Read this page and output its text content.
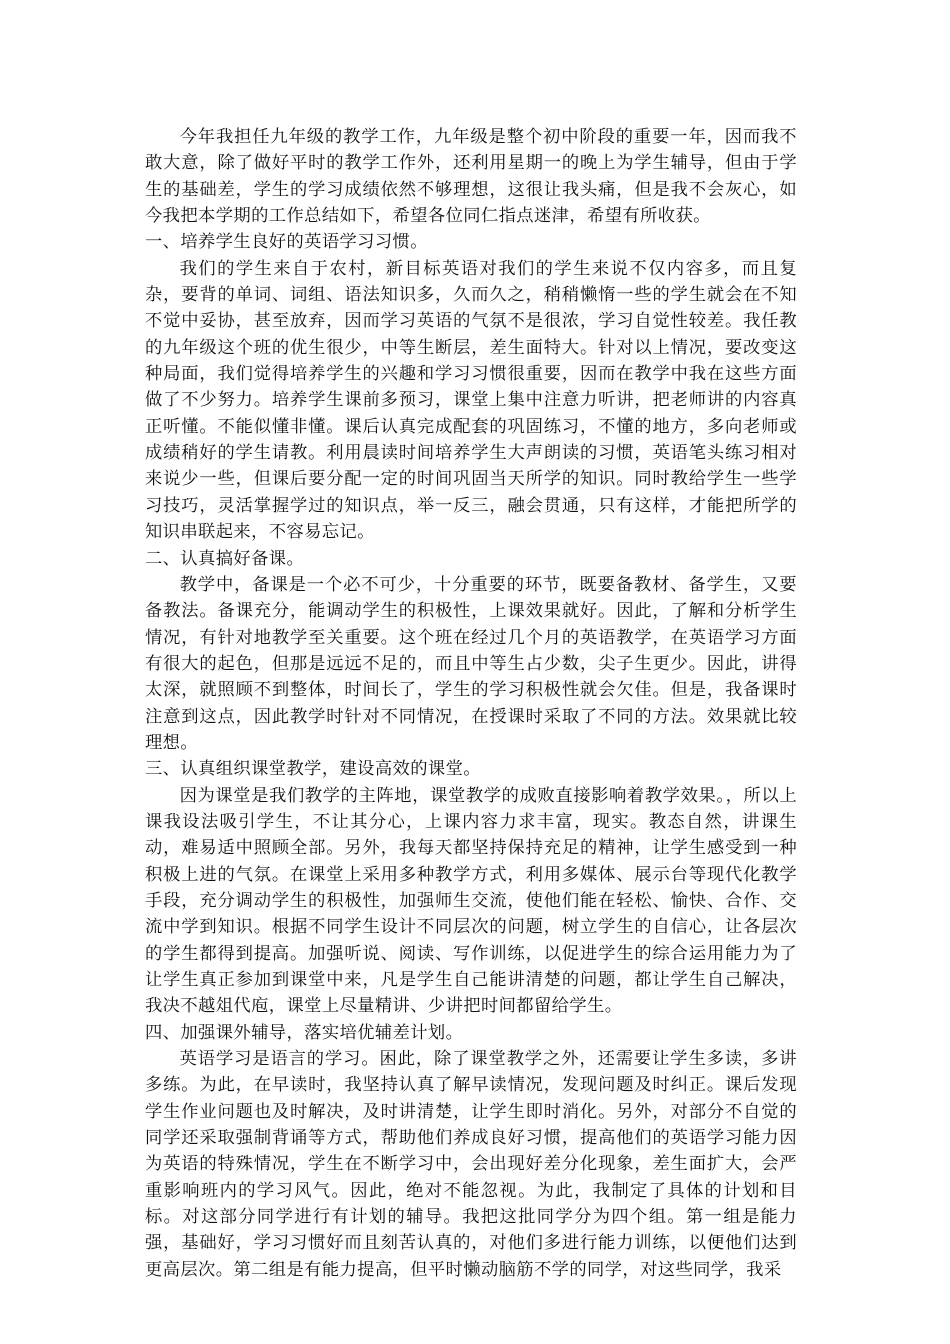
今年我担任九年级的教学工作，九年级是整个初中阶段的重要一年，因而我不敢大意，除了做好平时的教学工作外，还利用星期一的晚上为学生辅导，但由于学生的基础差，学生的学习成绩依然不够理想，这很让我头痛，但是我不会灰心，如今我把本学期的工作总结如下，希望各位同仁指点迷津，希望有所收获。

一、培养学生良好的英语学习习惯。

我们的学生来自于农村，新目标英语对我们的学生来说不仅内容多，而且复杂，要背的单词、词组、语法知识多，久而久之，稍稍懒惰一些的学生就会在不知不觉中妥协，甚至放弃，因而学习英语的气氛不是很浓，学习自觉性较差。我任教的九年级这个班的优生很少，中等生断层，差生面特大。针对以上情况，要改变这种局面，我们觉得培养学生的兴趣和学习习惯很重要，因而在教学中我在这些方面做了不少努力。培养学生课前多预习，课堂上集中注意力听讲，把老师讲的内容真正听懂。不能似懂非懂。课后认真完成配套的巩固练习，不懂的地方，多向老师或成绩稍好的学生请教。利用晨读时间培养学生大声朗读的习惯，英语笔头练习相对来说少一些，但课后要分配一定的时间巩固当天所学的知识。同时教给学生一些学习技巧，灵活掌握学过的知识点，举一反三，融会贯通，只有这样，才能把所学的知识串联起来，不容易忘记。

二、认真搞好备课。

教学中，备课是一个必不可少，十分重要的环节，既要备教材、备学生，又要备教法。备课充分，能调动学生的积极性，上课效果就好。因此，了解和分析学生情况，有针对地教学至关重要。这个班在经过几个月的英语教学，在英语学习方面有很大的起色，但那是远远不足的，而且中等生占少数，尖子生更少。因此，讲得太深，就照顾不到整体，时间长了，学生的学习积极性就会欠佳。但是，我备课时注意到这点，因此教学时针对不同情况，在授课时采取了不同的方法。效果就比较理想。

三、认真组织课堂教学，建设高效的课堂。

因为课堂是我们教学的主阵地，课堂教学的成败直接影响着教学效果。，所以上课我设法吸引学生，不让其分心，上课内容力求丰富，现实。教态自然，讲课生动，难易适中照顾全部。另外，我每天都坚持保持充足的精神，让学生感受到一种积极上进的气氛。在课堂上采用多种教学方式，利用多媒体、展示台等现代化教学手段，充分调动学生的积极性，加强师生交流，使他们能在轻松、愉快、合作、交流中学到知识。根据不同学生设计不同层次的问题，树立学生的自信心，让各层次的学生都得到提高。加强听说、阅读、写作训练，以促进学生的综合运用能力为了让学生真正参加到课堂中来，凡是学生自己能讲清楚的问题，都让学生自己解决，我决不越俎代庖，课堂上尽量精讲、少讲把时间都留给学生。

四、加强课外辅导，落实培优辅差计划。

英语学习是语言的学习。困此，除了课堂教学之外，还需要让学生多读，多讲多练。为此，在早读时，我坚持认真了解早读情况，发现问题及时纠正。课后发现学生作业问题也及时解决，及时讲清楚，让学生即时消化。另外，对部分不自觉的同学还采取强制背诵等方式，帮助他们养成良好习惯，提高他们的英语学习能力因为英语的特殊情况，学生在不断学习中，会出现好差分化现象，差生面扩大，会严重影响班内的学习风气。因此，绝对不能忽视。为此，我制定了具体的计划和目标。对这部分同学进行有计划的辅导。我把这批同学分为四个组。第一组是能力强，基础好，学习习惯好而且刻苦认真的，对他们多进行能力训练，以便他们达到更高层次。第二组是有能力提高，但平时懒动脑筋不学的同学，对这些同学，我采
